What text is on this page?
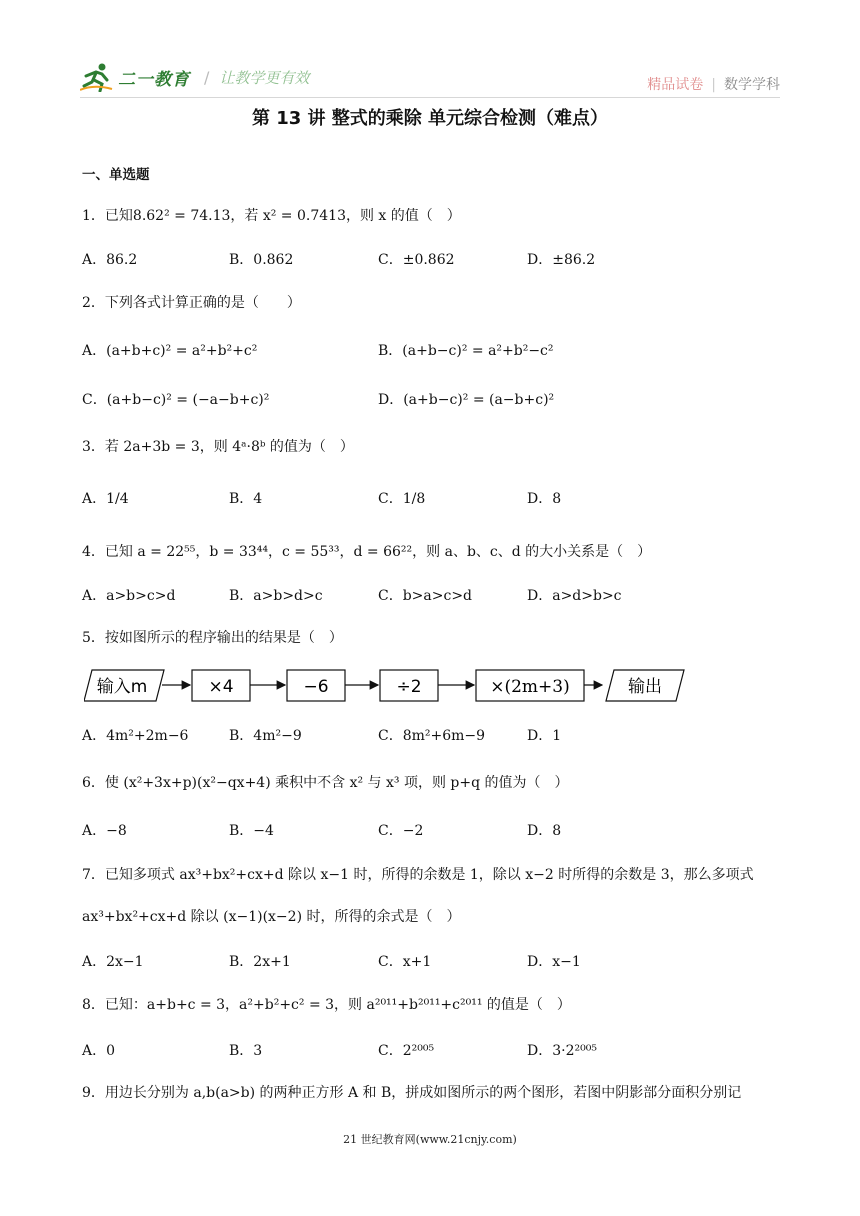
二一教育 / 让教学更有效	精品试卷 | 数学学科
第 13 讲 整式的乘除 单元综合检测（难点）
一、单选题
1．已知8.62² = 74.13，若 x² = 0.7413，则 x 的值（　）
A．86.2	B．0.862	C．±0.862	D．±86.2
2．下列各式计算正确的是（　　）
A．(a+b+c)² = a²+b²+c²	B．(a+b−c)² = a²+b²−c²
C．(a+b−c)² = (−a−b+c)²	D．(a+b−c)² = (a−b+c)²
3．若 2a+3b = 3，则 4ᵃ·8ᵇ 的值为（　）
A．1/4	B．4	C．1/8	D．8
4．已知 a = 22⁵⁵，b = 33⁴⁴，c = 55³³，d = 66²²，则 a、b、c、d 的大小关系是（　）
A．a>b>c>d	B．a>b>d>c	C．b>a>c>d	D．a>d>b>c
5．按如图所示的程序输出的结果是（　）
输入m	×4	−6	÷2	×(2m+3)	输出
A．4m²+2m−6	B．4m²−9	C．8m²+6m−9	D．1
6．使 (x²+3x+p)(x²−qx+4) 乘积中不含 x² 与 x³ 项，则 p+q 的值为（　）
A．−8	B．−4	C．−2	D．8
7．已知多项式 ax³+bx²+cx+d 除以 x−1 时，所得的余数是 1，除以 x−2 时所得的余数是 3，那么多项式
ax³+bx²+cx+d 除以 (x−1)(x−2) 时，所得的余式是（　）
A．2x−1	B．2x+1	C．x+1	D．x−1
8．已知：a+b+c = 3，a²+b²+c² = 3，则 a²⁰¹¹+b²⁰¹¹+c²⁰¹¹ 的值是（　）
A．0	B．3	C．2²⁰⁰⁵	D．3·2²⁰⁰⁵
9．用边长分别为 a,b(a>b) 的两种正方形 A 和 B，拼成如图所示的两个图形，若图中阴影部分面积分别记
21 世纪教育网(www.21cnjy.com)
